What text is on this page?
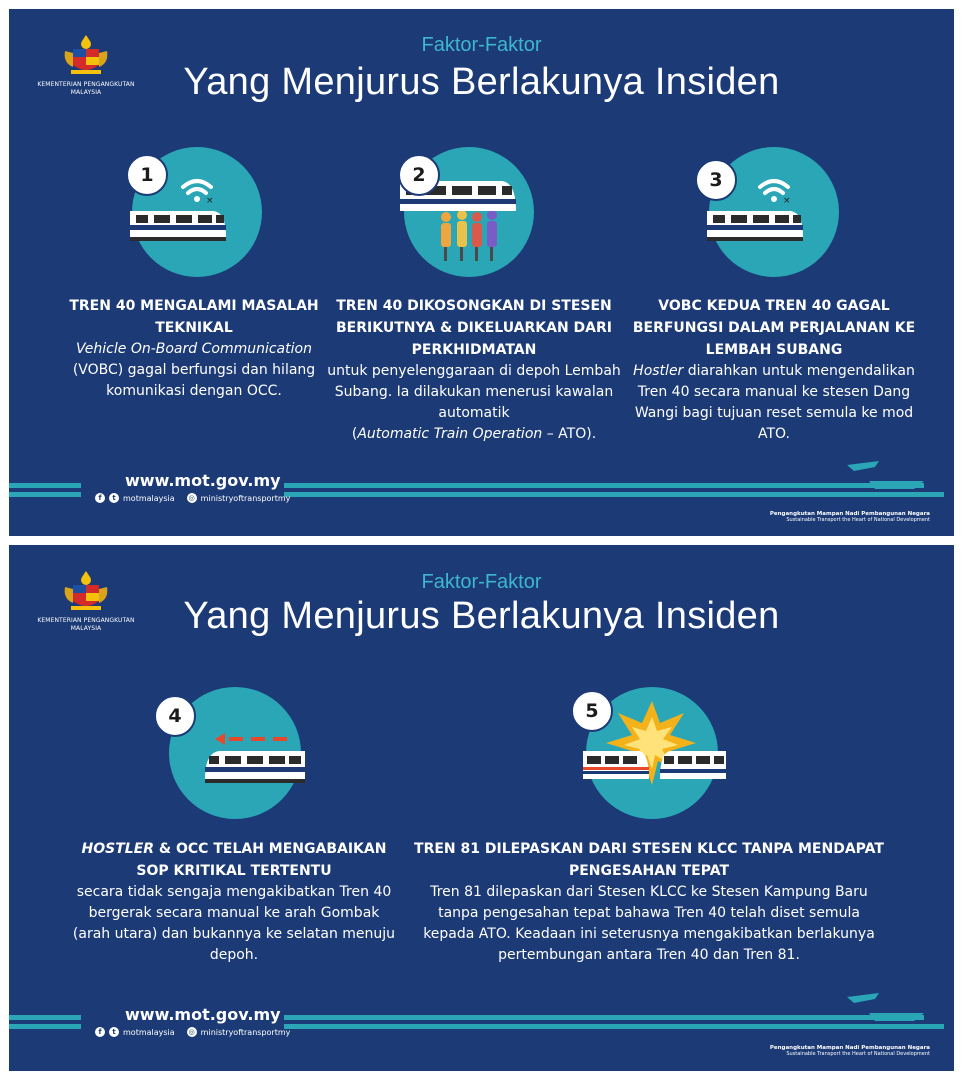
KEMENTERIAN PENGANGKUTAN
MALAYSIA
Faktor-Faktor
Yang Menjurus Berlakunya Insiden
×
1
TREN 40 MENGALAMI MASALAH TEKNIKAL
Vehicle On-Board Communication
(VOBC) gagal berfungsi dan hilang komunikasi dengan OCC.
2
TREN 40 DIKOSONGKAN DI STESEN BERIKUTNYA & DIKELUARKAN DARI PERKHIDMATAN
untuk penyelenggaraan di depoh Lembah Subang. Ia dilakukan menerusi kawalan automatik
(Automatic Train Operation – ATO).
×
3
VOBC KEDUA TREN 40 GAGAL BERFUNGSI DALAM PERJALANAN KE LEMBAH SUBANG
Hostler diarahkan untuk mengendalikan Tren 40 secara manual ke stesen Dang Wangi bagi tujuan reset semula ke mod ATO.
www.mot.gov.my
f	t motmalaysia ◎ ministryoftransportmy
Pengangkutan Mampan Nadi Pembangunan Negara
Sustainable Transport the Heart of National Development
KEMENTERIAN PENGANGKUTAN
MALAYSIA
Faktor-Faktor
Yang Menjurus Berlakunya Insiden
4
HOSTLER & OCC TELAH MENGABAIKAN SOP KRITIKAL TERTENTU
secara tidak sengaja mengakibatkan Tren 40 bergerak secara manual ke arah Gombak (arah utara) dan bukannya ke selatan menuju depoh.
5
TREN 81 DILEPASKAN DARI STESEN KLCC TANPA MENDAPAT PENGESAHAN TEPAT
Tren 81 dilepaskan dari Stesen KLCC ke Stesen Kampung Baru tanpa pengesahan tepat bahawa Tren 40 telah diset semula kepada ATO. Keadaan ini seterusnya mengakibatkan berlakunya pertembungan antara Tren 40 dan Tren 81.
www.mot.gov.my
f	t motmalaysia ◎ ministryoftransportmy
Pengangkutan Mampan Nadi Pembangunan Negara
Sustainable Transport the Heart of National Development
